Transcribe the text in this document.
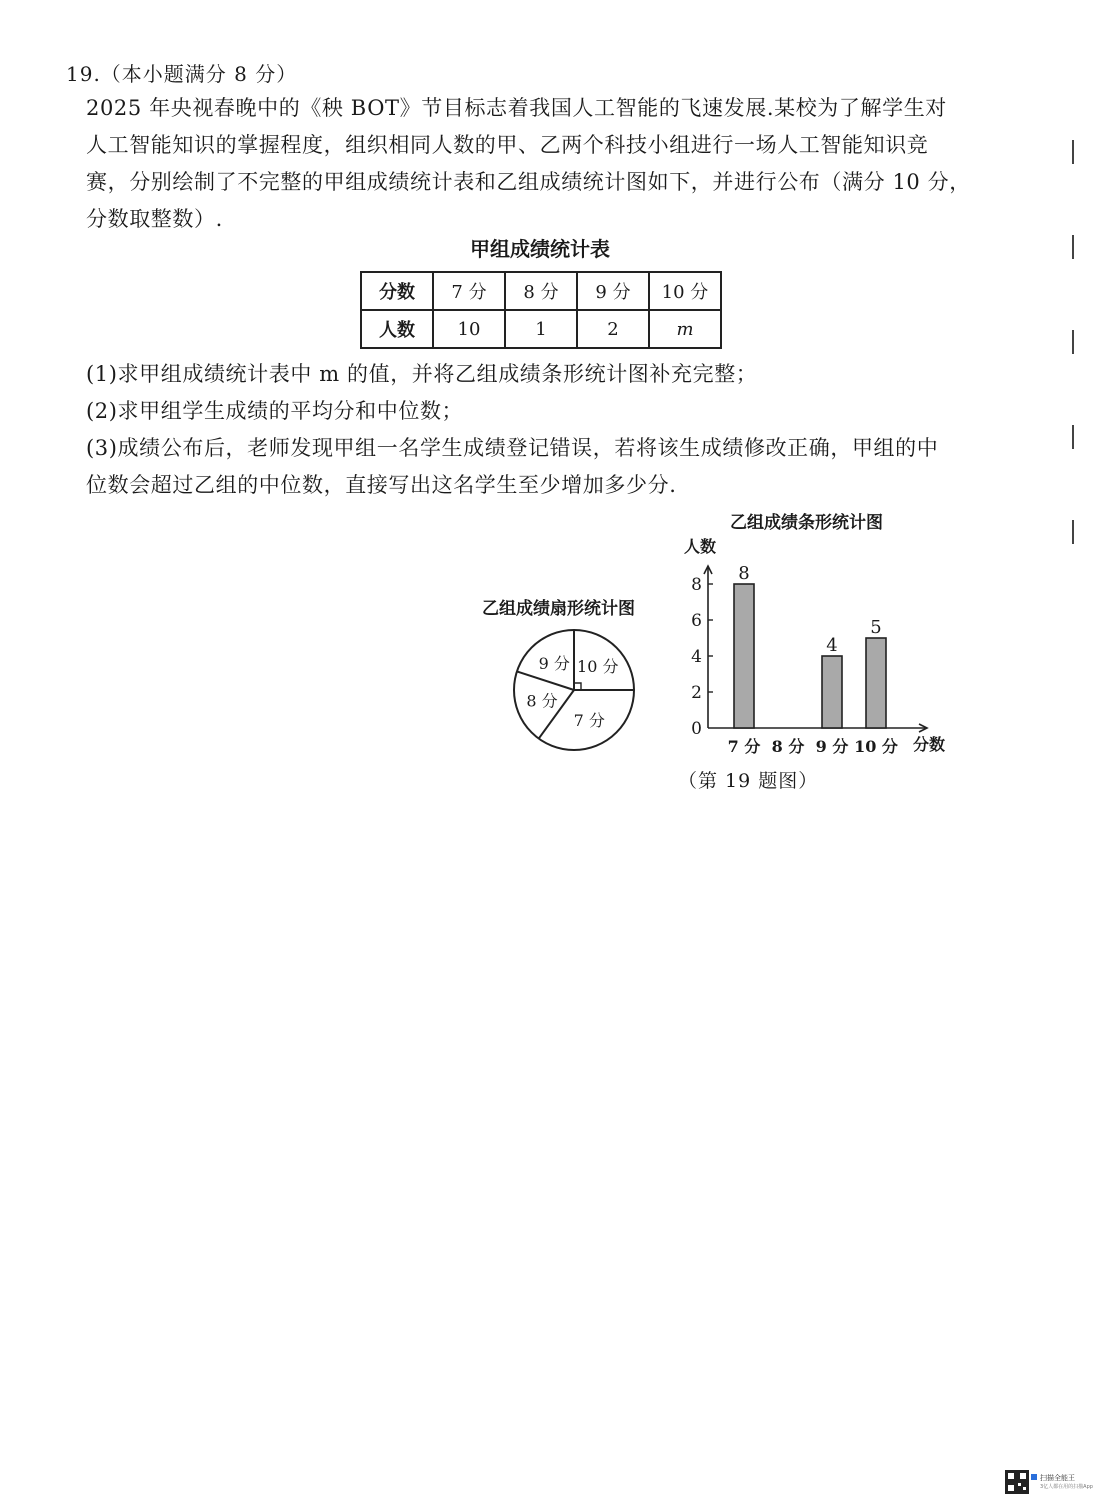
19.（本小题满分 8 分）
2025 年央视春晚中的《秧 BOT》节目标志着我国人工智能的飞速发展.某校为了解学生对
人工智能知识的掌握程度，组织相同人数的甲、乙两个科技小组进行一场人工智能知识竞
赛，分别绘制了不完整的甲组成绩统计表和乙组成绩统计图如下，并进行公布（满分 10 分，
分数取整数）.
甲组成绩统计表
分数	7 分	8 分	9 分	10 分
人数	10	1	2	m
(1)求甲组成绩统计表中 m 的值，并将乙组成绩条形统计图补充完整；
(2)求甲组学生成绩的平均分和中位数；
(3)成绩公布后，老师发现甲组一名学生成绩登记错误，若将该生成绩修改正确，甲组的中
位数会超过乙组的中位数，直接写出这名学生至少增加多少分.
乙组成绩扇形统计图
10 分
7 分
8 分
9 分
乙组成绩条形统计图
人数
分数
0
2
4
6
8
7 分
8
8 分 9 分
4
10 分
5
（第 19 题图）
扫描全能王
3亿人都在用的扫描App
